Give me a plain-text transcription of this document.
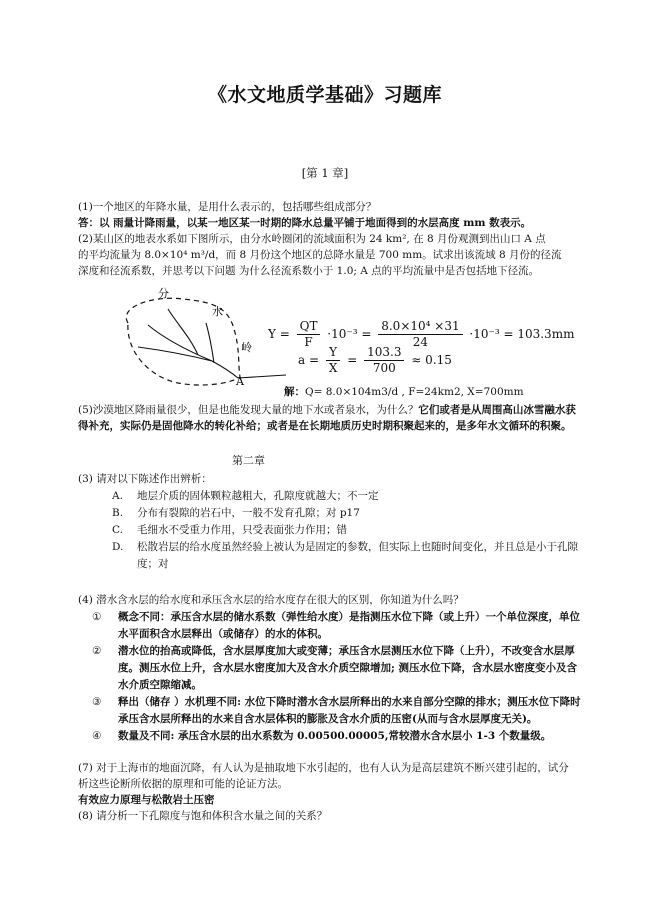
《水文地质学基础》习题库
[第 1 章]
(1)一个地区的年降水量，是用什么表示的，包括哪些组成部分？
答：以 雨量计降雨量，以某一地区某一时期的降水总量平铺于地面得到的水层高度 mm 数表示。
(2)某山区的地表水系如下图所示，由分水岭圈闭的流域面积为 24 km², 在 8 月份观测到出山口 A 点
的平均流量为 8.0×10⁴ m³/d，而 8 月份这个地区的总降水量是 700 mm。试求出该流域 8 月份的径流
深度和径流系数，并思考以下问题 为什么径流系数小于 1.0; A 点的平均流量中是否包括地下径流。
分
水
岭
A
$Y = \frac{QT}{F} \cdot 10^{-3} = \frac{\text{8.0×10⁴ ×31}}{24} \cdot 10^{-3} = 103.3mm$
$a = \frac{Y}{X} = \frac{103.3}{700} \approx 0.15$
解：Q= 8.0×104m3/d , F=24km2, X=700mm
(5)沙漠地区降雨量很少，但是也能发现大量的地下水或者泉水，为什么？它们或者是从周围高山冰雪融水获得补充，实际仍是固他降水的转化补给；或者是在长期地质历史时期积聚起来的，是多年水文循环的积聚。
第二章
(3) 请对以下陈述作出辨析：
A.	地层介质的固体颗粒越粗大，孔隙度就越大；不一定
B.	分布有裂隙的岩石中，一般不发育孔隙；对 p17
C.	毛细水不受重力作用，只受表面张力作用；错
D.	松散岩层的给水度虽然经验上被认为是固定的参数，但实际上也随时间变化，并且总是小于孔隙度；对
(4) 潜水含水层的给水度和承压含水层的给水度存在很大的区别，你知道为什么吗？
①	概念不同：承压含水层的储水系数（弹性给水度）是指测压水位下降（或上升）一个单位深度，单位水平面积含水层释出（或储存）的水的体积。
②	潜水位的抬高或降低，含水层厚度加大或变薄；承压含水层测压水位下降（上升），不改变含水层厚度。测压水位上升，含水层水密度加大及含水介质空隙增加; 测压水位下降，含水层水密度变小及含水介质空隙缩减。
③	释出（储存 ）水机理不同: 水位下降时潜水含水层所释出的水来自部分空隙的排水；测压水位下降时承压含水层所释出的水来自含水层体积的膨胀及含水介质的压密(从而与含水层厚度无关)。
④	数量及不同: 承压含水层的出水系数为 0.00500.00005,常较潜水含水层小 1-3 个数量级。
(7) 对于上海市的地面沉降，有人认为是抽取地下水引起的，也有人认为是高层建筑不断兴建引起的，试分析这些论断所依据的原理和可能的论证方法。
有效应力原理与松散岩土压密
(8) 请分析一下孔隙度与饱和体积含水量之间的关系？
